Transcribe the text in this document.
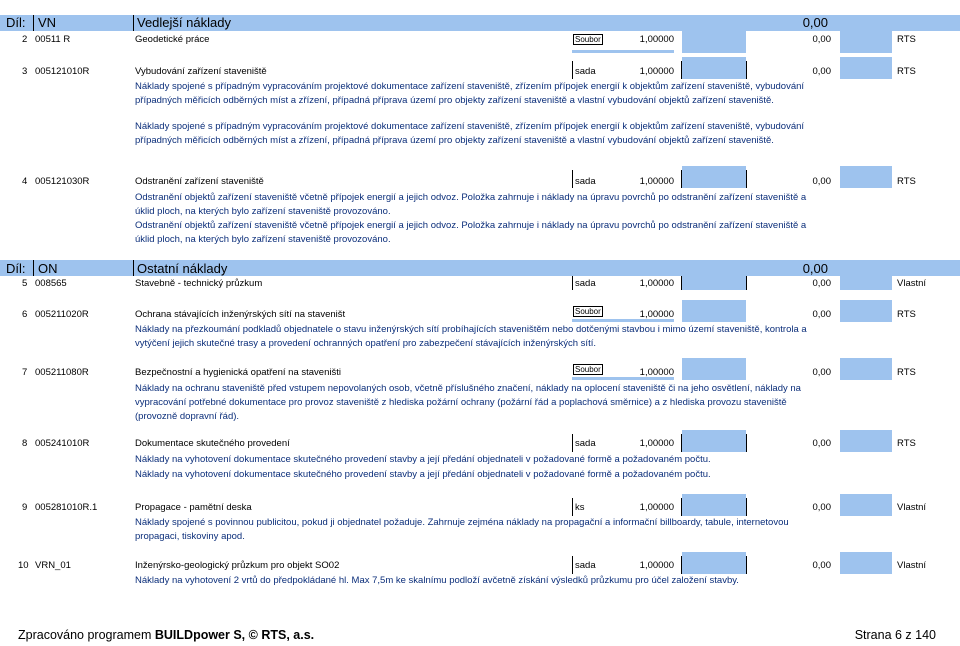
Díl: VN	Vedlejší náklady	0,00
2 00511 R	Geodetické práce	Soubor	1,00000	0,00	RTS
3 005121010R	Vybudování zařízení staveniště	sada	1,00000	0,00	RTS
Náklady spojené s případným vypracováním projektové dokumentace zařízení staveniště, zřízením přípojek energií k objektům zařízení staveniště, vybudování
případných měřicích odběrných míst a zřízení, případná příprava území pro objekty zařízení staveniště a vlastní vybudování objektů zařízení staveniště.
Náklady spojené s případným vypracováním projektové dokumentace zařízení staveniště, zřízením přípojek energií k objektům zařízení staveniště, vybudování
případných měřicích odběrných míst a zřízení, případná příprava území pro objekty zařízení staveniště a vlastní vybudování objektů zařízení staveniště.
4 005121030R	Odstranění zařízení staveniště	sada	1,00000	0,00	RTS
Odstranění objektů zařízení staveniště včetně přípojek energií a jejich odvoz. Položka zahrnuje i náklady na úpravu povrchů po odstranění zařízení staveniště a
úklid ploch, na kterých bylo zařízení staveniště provozováno.
Odstranění objektů zařízení staveniště včetně přípojek energií a jejich odvoz. Položka zahrnuje i náklady na úpravu povrchů po odstranění zařízení staveniště a
úklid ploch, na kterých bylo zařízení staveniště provozováno.
Díl: ON	Ostatní náklady	0,00
5 008565	Stavebně - technický průzkum	sada	1,00000	0,00	Vlastní
6 005211020R	Ochrana stávajících inženýrských sítí na staveništ	Soubor	1,00000	0,00	RTS
Náklady na přezkoumání podkladů objednatele o stavu inženýrských sítí probíhajících staveništěm nebo dotčenými stavbou i mimo území staveniště, kontrola a
vytýčení jejich skutečné trasy a provedení ochranných opatření pro zabezpečení stávajících inženýrských sítí.
7 005211080R	Bezpečnostní a hygienická opatření na staveništi	Soubor	1,00000	0,00	RTS
Náklady na ochranu staveniště před vstupem nepovolaných osob, včetně příslušného značení, náklady na oplocení staveniště či na jeho osvětlení, náklady na
vypracování potřebné dokumentace pro provoz staveniště z hlediska požární ochrany (požární řád a poplachová směrnice) a z hlediska provozu staveniště
(provozně dopravní řád).
8 005241010R	Dokumentace skutečného provedení	sada	1,00000	0,00	RTS
Náklady na vyhotovení dokumentace skutečného provedení stavby a její předání objednateli v požadované formě a požadovaném počtu.
Náklady na vyhotovení dokumentace skutečného provedení stavby a její předání objednateli v požadované formě a požadovaném počtu.
9 005281010R.1	Propagace - pamětní deska	ks	1,00000	0,00	Vlastní
Náklady spojené s povinnou publicitou, pokud ji objednatel požaduje. Zahrnuje zejména náklady na propagační a informační billboardy, tabule, internetovou
propagaci, tiskoviny apod.
10 VRN_01	Inženýrsko-geologický průzkum pro objekt SO02	sada	1,00000	0,00	Vlastní
Náklady na vyhotovení 2 vrtů do předpokládané hl. Max 7,5m ke skalnímu podloží avčetně získání výsledků průzkumu pro účel založení stavby.
Zpracováno programem BUILDpower S, © RTS, a.s.	Strana 6 z 140
